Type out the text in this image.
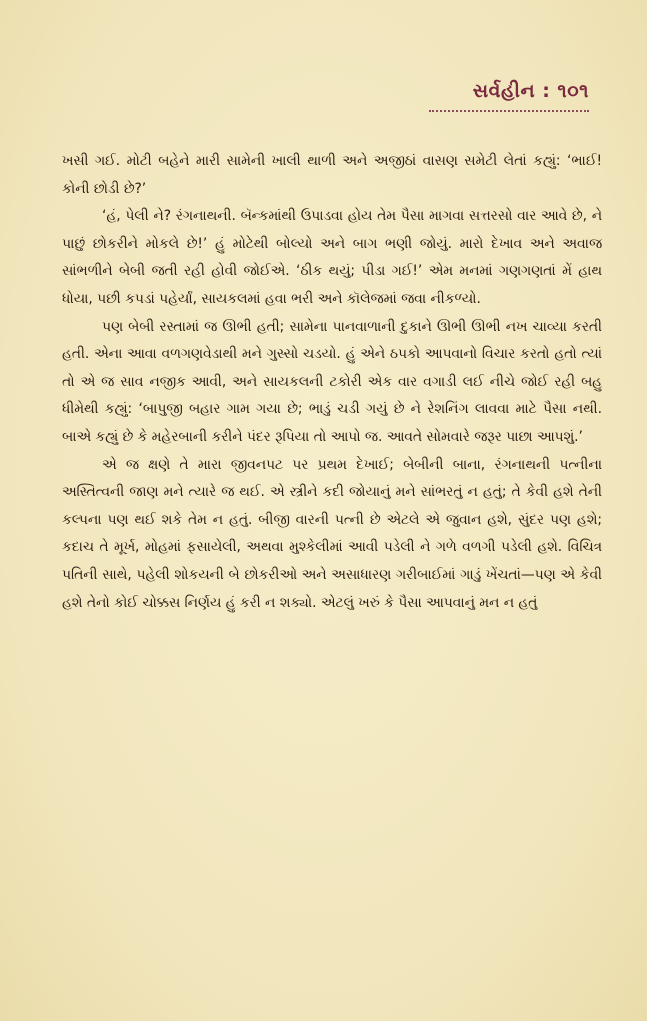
સર્વહીન : ૧૦૧

ખસી ગઈ. મોટી બહેને મારી સામેની ખાલી થાળી અને અજીઠાં વાસણ સમેટી લેતાં કહ્યું: ‘ભાઈ! કોની છોડી છે?’

‘હં, પેલી ને? રંગનાથની. બૅન્કમાંથી ઉપાડવા હોય તેમ પૈસા માગવા સત્તરસો વાર આવે છે, ને પાછું છોકરીને મોકલે છે!’ હું મોટેથી બોલ્યો અને બાગ ભણી જોયું. મારો દેખાવ અને અવાજ સાંભળીને બેબી જતી રહી હોવી જોઈએ. ‘ઠીક થયું; પીડા ગઈ!’ એમ મનમાં ગણગણતાં મેં હાથ ધોયા, પછી કપડાં પહેર્યાં, સાયકલમાં હવા ભરી અને કૉલેજમાં જવા નીકળ્યો.

પણ બેબી રસ્તામાં જ ઊભી હતી; સામેના પાનવાળાની દુકાને ઊભી ઊભી નખ ચાવ્યા કરતી હતી. એના આવા વળગણવેડાથી મને ગુસ્સો ચડયો. હું એને ઠપકો આપવાનો વિચાર કરતો હતો ત્યાં તો એ જ સાવ નજીક આવી, અને સાયકલની ટકોરી એક વાર વગાડી લઈ નીચે જોઈ રહી બહુ ધીમેથી કહ્યું: ‘બાપુજી બહાર ગામ ગયા છે; ભાડું ચડી ગયું છે ને રેશનિંગ લાવવા માટે પૈસા નથી. બાએ કહ્યું છે કે મહેરબાની કરીને પંદર રૂપિયા તો આપો જ. આવતે સોમવારે જરૂર પાછા આપશું.’

એ જ ક્ષણે તે મારા જીવનપટ પર પ્રથમ દેખાઈ; બેબીની બાના, રંગનાથની પત્નીના અસ્તિત્વની જાણ મને ત્યારે જ થઈ. એ સ્ત્રીને કદી જોયાનું મને સાંભરતું ન હતું; તે કેવી હશે તેની કલ્પના પણ થઈ શકે તેમ ન હતું. બીજી વારની પત્ની છે એટલે એ જુવાન હશે, સુંદર પણ હશે; કદાચ તે મૂર્ખ, મોહમાં ફસાયેલી, અથવા મુશ્કેલીમાં આવી પડેલી ને ગળે વળગી પડેલી હશે. વિચિત્ર પતિની સાથે, પહેલી શોકયની બે છોકરીઓ અને અસાધારણ ગરીબાઈમાં ગાડું ખેંચતાં—પણ એ કેવી હશે તેનો કોઈ ચોક્કસ નિર્ણય હું કરી ન શક્યો. એટલું ખરું કે પૈસા આપવાનું મન ન હતું
